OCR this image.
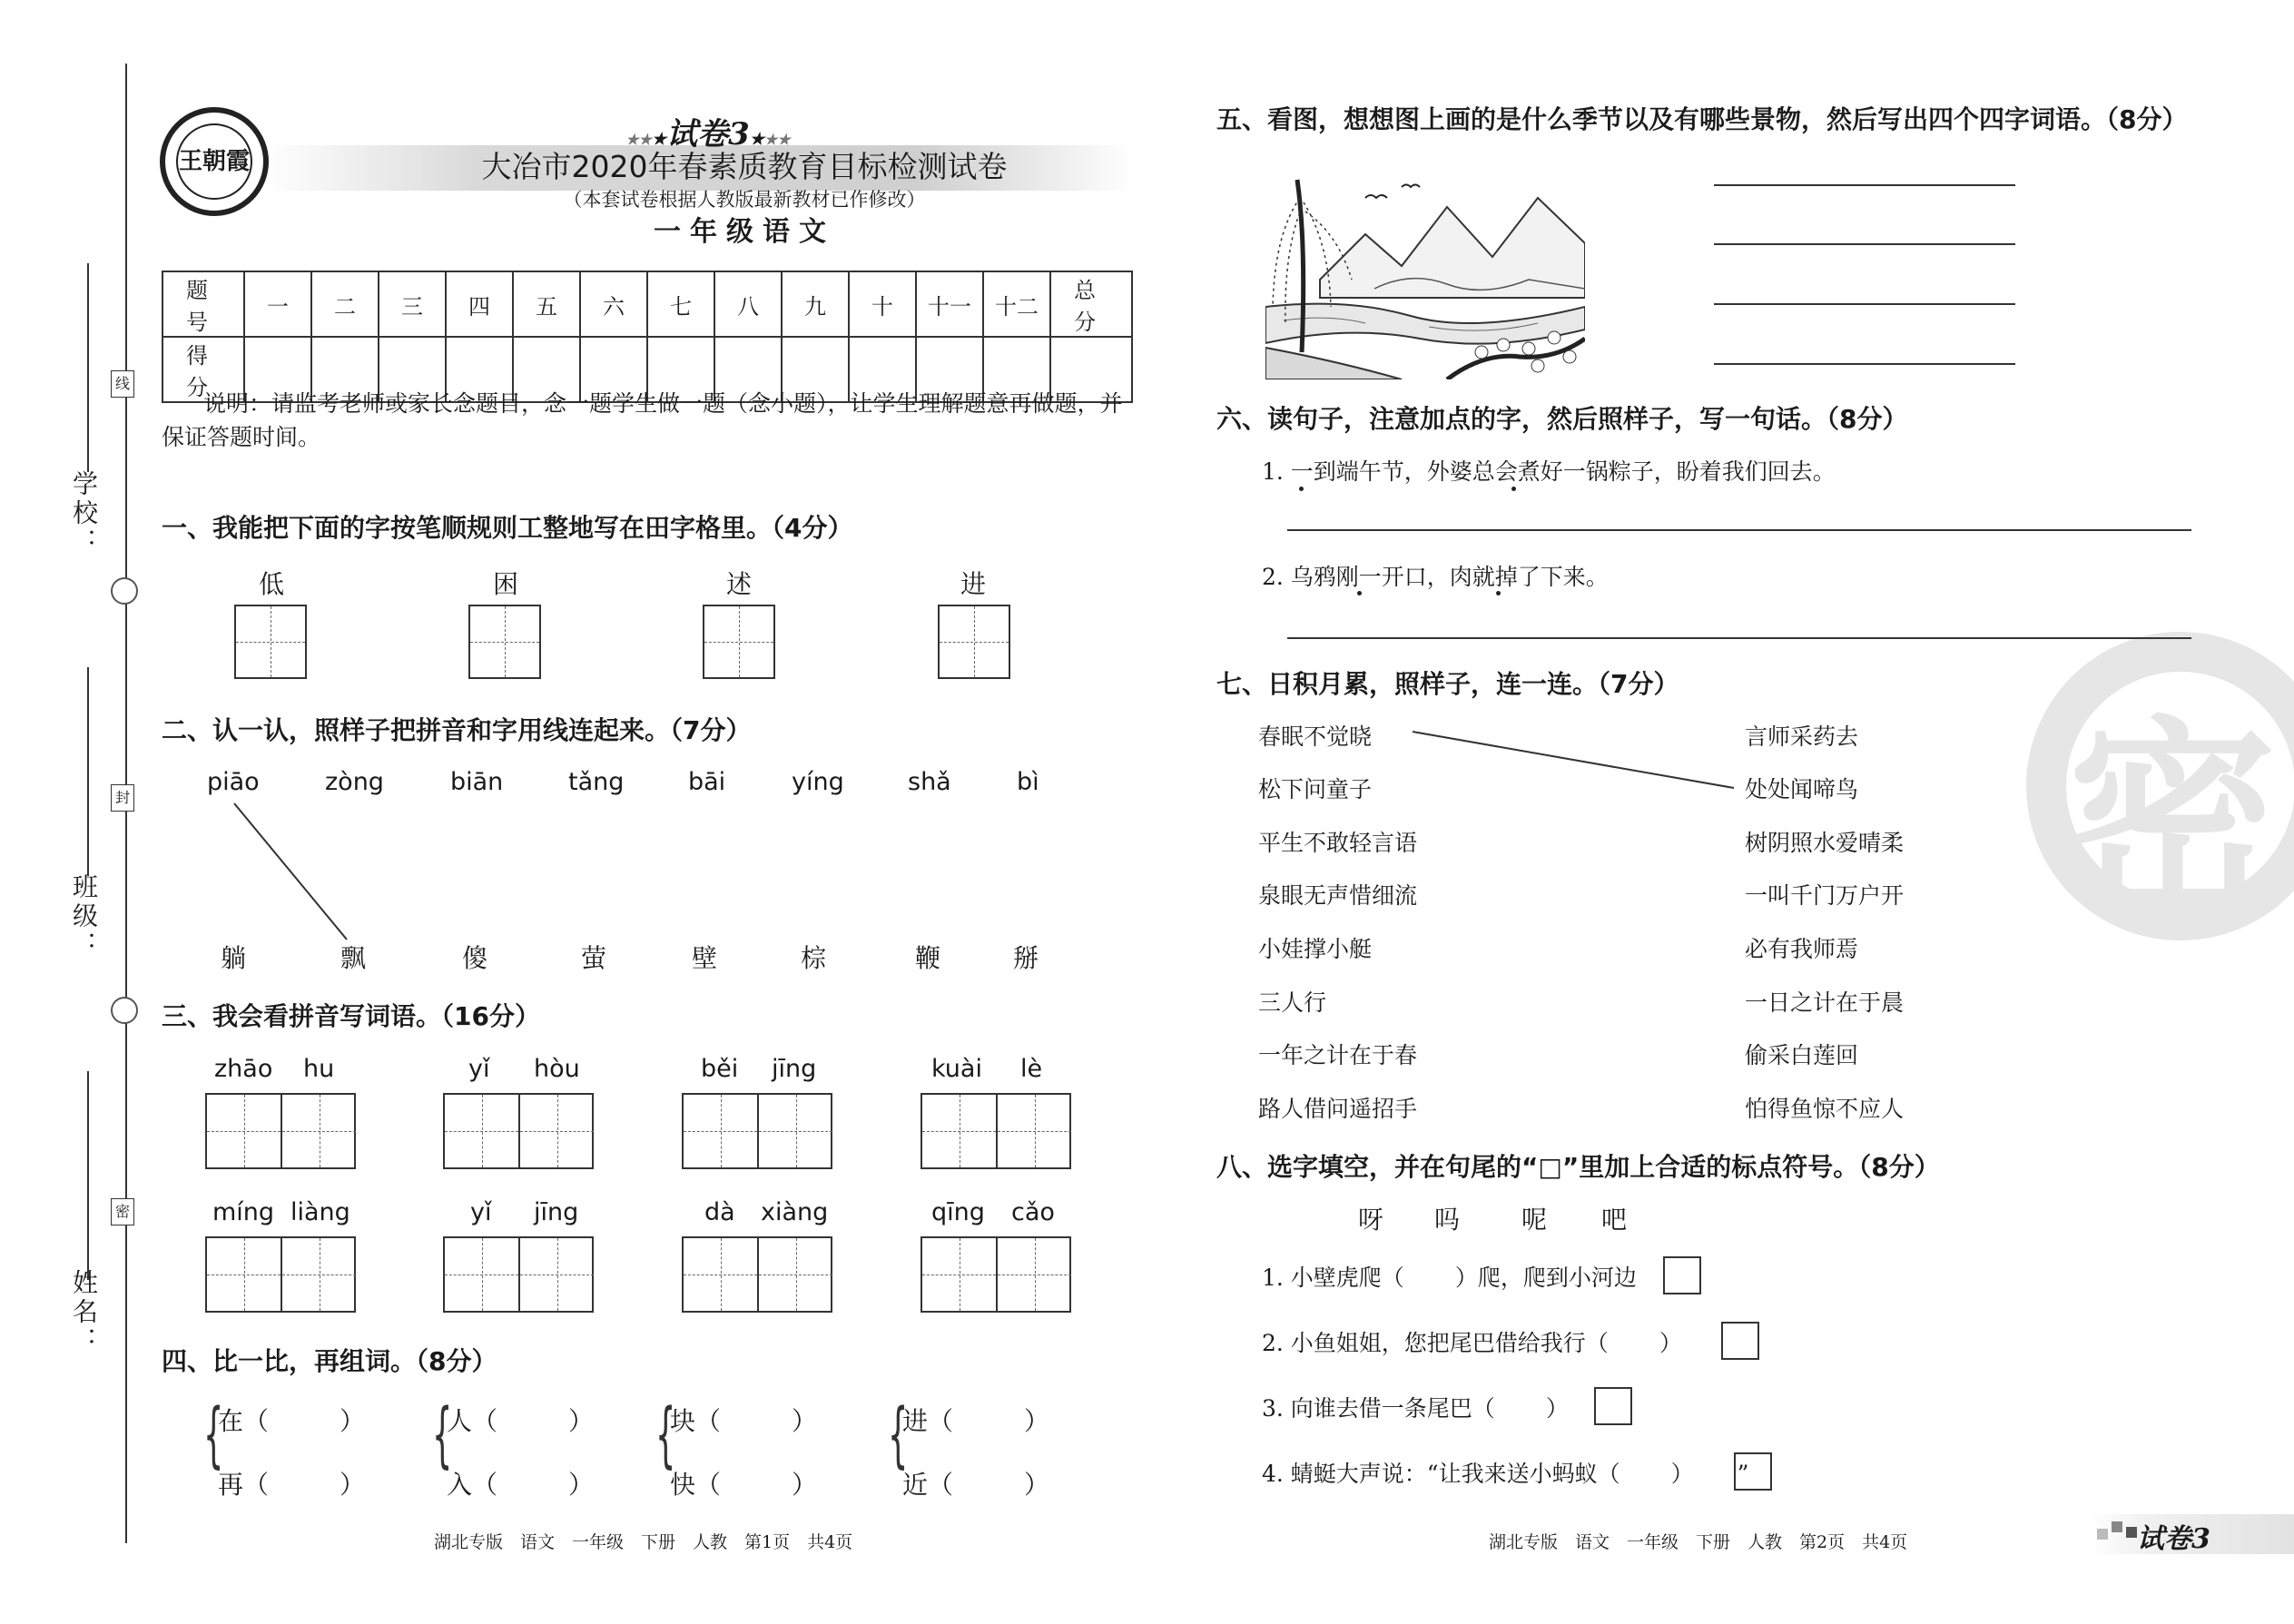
学校：
班级：
姓名：
线
封
密
王朝霞
★★★试卷3★★★
大冶市2020年春素质教育目标检测试卷
（本套试卷根据人教版最新教材已作修改）
一年级语文
题　号	一	二	三	四	五	六	七	八	九	十	十一	十二	总　分
得　分													
说明：请监考老师或家长念题目，念一题学生做一题（念小题），让学生理解题意再做题，并
保证答题时间。
一、我能把下面的字按笔顺规则工整地写在田字格里。（4分）
低	困	述	进
二、认一认，照样子把拼音和字用线连起来。（7分）
piāo	zòng	biān	tǎng	bāi	yíng	shǎ	bì
躺	飘	傻	萤	壁	棕	鞭	掰
三、我会看拼音写词语。（16分）
zhāo hu	yǐ hòu	běi jīng	kuài lè
míng liàng	yǐ jīng	dà xiàng	qīng cǎo
四、比一比，再组词。（8分）
{
在（	）
再（	）
{
人（	）
入（	）
{
块（	）
快（	）
{
进（	）
近（	）
湖北专版　语文　一年级　下册　人教　第1页　共4页
密
五、看图，想想图上画的是什么季节以及有哪些景物，然后写出四个四字词语。（8分）
六、读句子，注意加点的字，然后照样子，写一句话。（8分）
1. 一到端午节，外婆总会煮好一锅粽子，盼着我们回去。
2. 乌鸦刚一开口，肉就掉了下来。
七、日积月累，照样子，连一连。（7分）
春眠不觉晓
松下问童子
平生不敢轻言语
泉眼无声惜细流
小娃撑小艇
三人行
一年之计在于春
路人借问遥招手
言师采药去
处处闻啼鸟
树阴照水爱晴柔
一叫千门万户开
必有我师焉
一日之计在于晨
偷采白莲回
怕得鱼惊不应人
八、选字填空，并在句尾的“□”里加上合适的标点符号。（8分）
呀 吗 呢 吧
1. 小壁虎爬（ ）爬，爬到小河边
2. 小鱼姐姐，您把尾巴借给我行（ ）
3. 向谁去借一条尾巴（ ）
4. 蜻蜓大声说：“让我来送小蚂蚁（ ） ”
湖北专版　语文　一年级　下册　人教　第2页　共4页	试卷3
